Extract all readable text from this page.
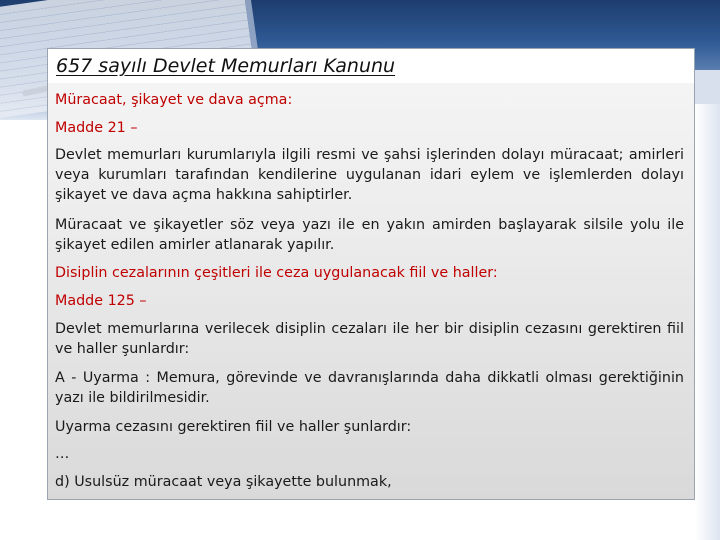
657 sayılı Devlet Memurları Kanunu

Müracaat, şikayet ve dava açma:

Madde 21 –

Devlet memurları kurumlarıyla ilgili resmi ve şahsi işlerinden dolayı müracaat; amirleri veya kurumları tarafından kendilerine uygulanan idari eylem ve işlemlerden dolayı şikayet ve dava açma hakkına sahiptirler.

Müracaat ve şikayetler söz veya yazı ile en yakın amirden başlayarak silsile yolu ile şikayet edilen amirler atlanarak yapılır.

Disiplin cezalarının çeşitleri ile ceza uygulanacak fiil ve haller:

Madde 125 –

Devlet memurlarına verilecek disiplin cezaları ile her bir disiplin cezasını gerektiren fiil ve haller şunlardır:

A - Uyarma : Memura, görevinde ve davranışlarında daha dikkatli olması gerektiğinin yazı ile bildirilmesidir.

Uyarma cezasını gerektiren fiil ve haller şunlardır:

…

d) Usulsüz müracaat veya şikayette bulunmak,
